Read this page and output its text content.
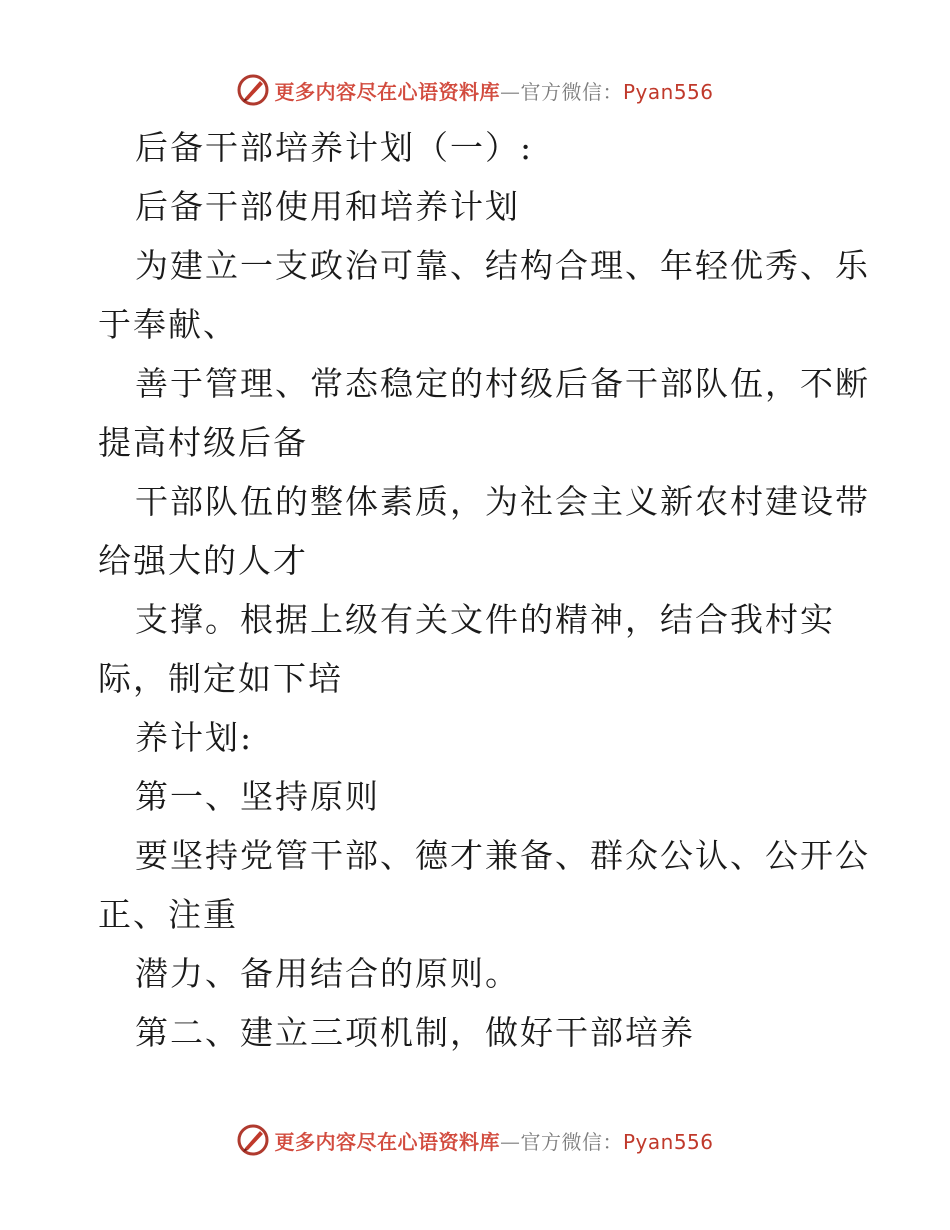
更多内容尽在心语资料库—官方微信：Pyan556
后备干部培养计划（一）:
后备干部使用和培养计划
为建立一支政治可靠、结构合理、年轻优秀、乐
于奉献、
善于管理、常态稳定的村级后备干部队伍，不断
提高村级后备
干部队伍的整体素质，为社会主义新农村建设带
给强大的人才
支撑。根据上级有关文件的精神，结合我村实
际，制定如下培
养计划:
第一、坚持原则
要坚持党管干部、德才兼备、群众公认、公开公
正、注重
潜力、备用结合的原则。
第二、建立三项机制，做好干部培养
更多内容尽在心语资料库—官方微信：Pyan556
